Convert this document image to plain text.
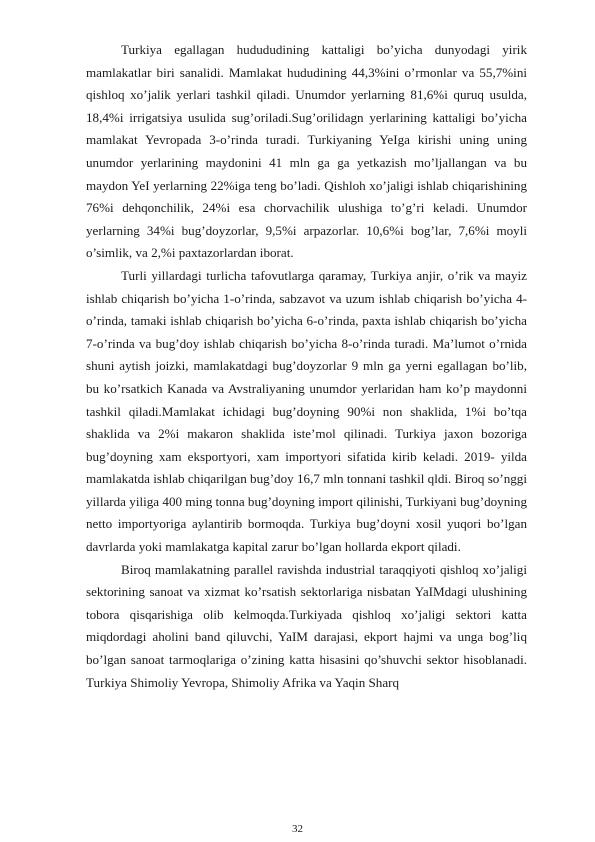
Turkiya egallagan hudududining kattaligi bo’yicha dunyodagi yirik mamlakatlar biri sanalidi. Mamlakat hududining 44,3%ini o’rmonlar va 55,7%ini qishloq xo’jalik yerlari tashkil qiladi. Unumdor yerlarning 81,6%i quruq usulda, 18,4%i irrigatsiya usulida sug’oriladi.Sug’orilidagn yerlarining kattaligi bo’yicha mamlakat Yevropada 3-o’rinda turadi. Turkiyaning YeIga kirishi uning uning unumdor yerlarining maydonini 41 mln ga ga yetkazish mo’ljallangan va bu maydon YeI yerlarning 22%iga teng bo’ladi. Qishloh xo’jaligi ishlab chiqarishining 76%i dehqonchilik, 24%i esa chorvachilik ulushiga to’g’ri keladi. Unumdor yerlarning 34%i bug’doyzorlar, 9,5%i arpazorlar. 10,6%i bog’lar, 7,6%i moyli o’simlik, va 2,%i paxtazorlardan iborat.

Turli yillardagi turlicha tafovutlarga qaramay, Turkiya anjir, o’rik va mayiz ishlab chiqarish bo’yicha 1-o’rinda, sabzavot va uzum ishlab chiqarish bo’yicha 4-o’rinda, tamaki ishlab chiqarish bo’yicha 6-o’rinda, paxta ishlab chiqarish bo’yicha 7-o’rinda va bug’doy ishlab chiqarish bo’yicha 8-o’rinda turadi. Ma’lumot o’rnida shuni aytish joizki, mamlakatdagi bug’doyzorlar 9 mln ga yerni egallagan bo’lib, bu ko’rsatkich Kanada va Avstraliyaning unumdor yerlaridan ham ko’p maydonni tashkil qiladi.Mamlakat ichidagi bug’doyning 90%i non shaklida, 1%i bo’tqa shaklida va 2%i makaron shaklida iste’mol qilinadi. Turkiya jaxon bozoriga bug’doyning xam eksportyori, xam importyori sifatida kirib keladi. 2019- yilda mamlakatda ishlab chiqarilgan bug’doy 16,7 mln tonnani tashkil qldi. Biroq so’nggi yillarda yiliga 400 ming tonna bug’doyning import qilinishi, Turkiyani bug’doyning netto importyoriga aylantirib bormoqda. Turkiya bug’doyni xosil yuqori bo’lgan davrlarda yoki mamlakatga kapital zarur bo’lgan hollarda ekport qiladi.

Biroq mamlakatning parallel ravishda industrial taraqqiyoti qishloq xo’jaligi sektorining sanoat va xizmat ko’rsatish sektorlariga nisbatan YaIMdagi ulushining tobora qisqarishiga olib kelmoqda.Turkiyada qishloq xo’jaligi sektori katta miqdordagi aholini band qiluvchi, YaIM darajasi, ekport hajmi va unga bog’liq bo’lgan sanoat tarmoqlariga o’zining katta hisasini qo’shuvchi sektor hisoblanadi. Turkiya Shimoliy Yevropa, Shimoliy Afrika va Yaqin Sharq

32
